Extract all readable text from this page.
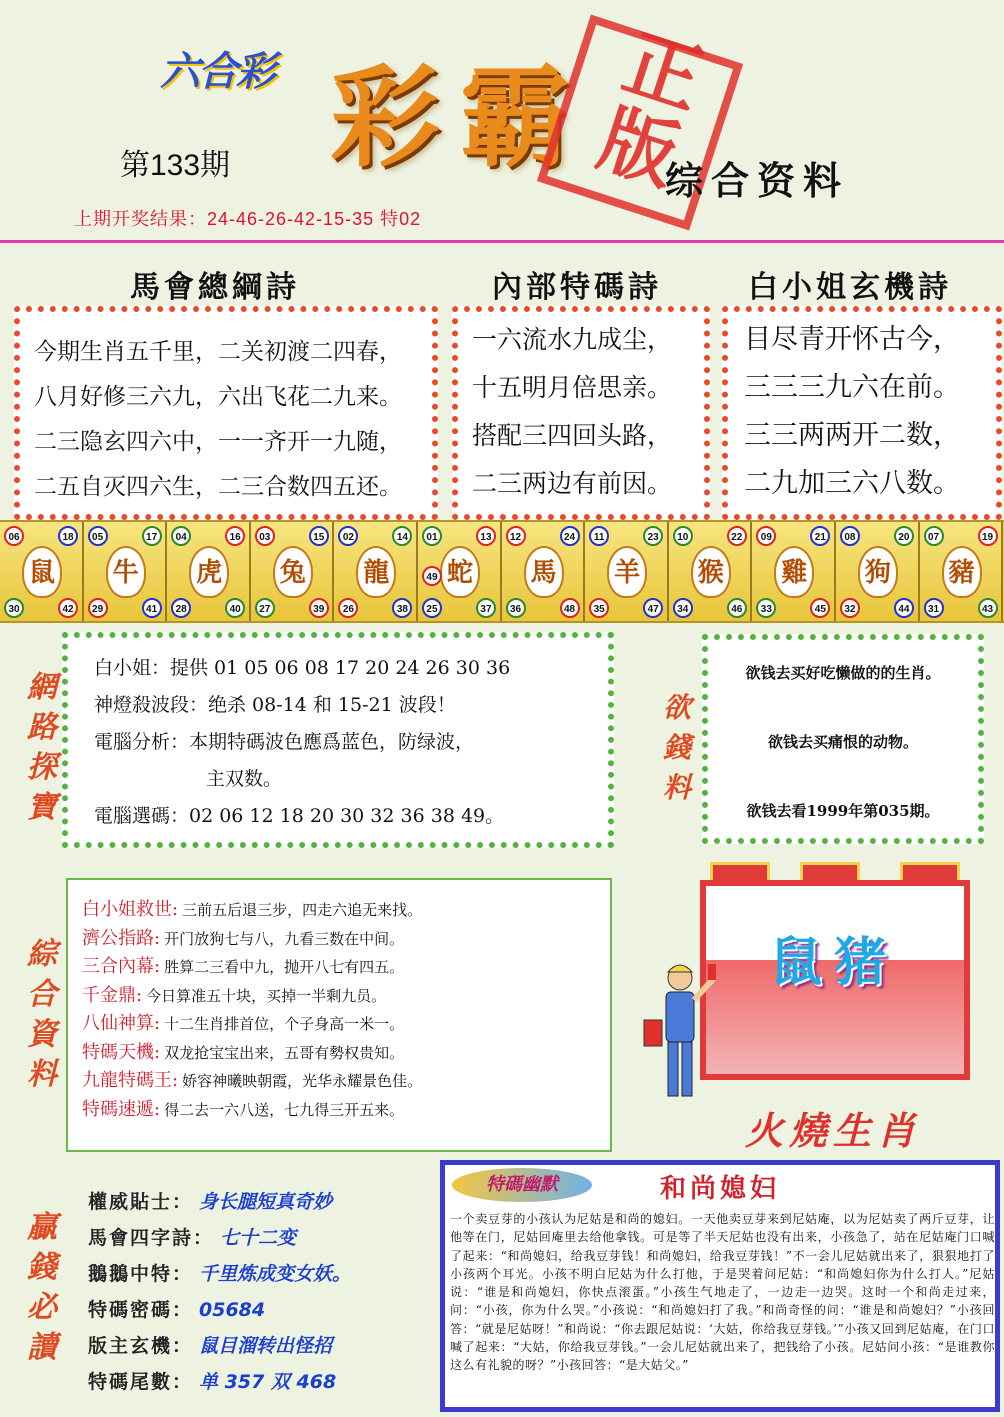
六合彩 彩霸 正版
第133期	综合资料
上期开奖结果：24-46-26-42-15-35 特02
馬會總綱詩	內部特碼詩	白小姐玄機詩
今期生肖五千里，二关初渡二四春，
八月好修三六九，六出飞花二九来。
二三隐玄四六中，一一齐开一九随，
二五自灭四六生，二三合数四五还。
一六流水九成尘，
十五明月倍思亲。
搭配三四回头路，
二三两边有前因。
目尽青开怀古今，
三三三九六在前。
三三两两开二数，
二九加三六八数。
鼠
06	18
30	42
牛
05	17
29	41
虎
04	16
28	40
兔
03	15
27	39
龍
02	14
26	38
蛇
01	13
25	37
49	馬
12	24
36	48
羊
11	23
35	47
猴
10	22
34	46
雞
09	21
33	45
狗
08	20
32	44
豬
07	19
31	43
網
路
探
寶
白小姐：提供 01 05 06 08 17 20 24 26 30 36
神燈殺波段：绝杀 08-14 和 15-21 波段！
電腦分析：本期特碼波色應爲蓝色，防绿波，
主双数。
電腦選碼：02 06 12 18 20 30 32 36 38 49。
欲
錢
料
欲钱去买好吃懒做的的生肖。
欲钱去买痛恨的动物。
欲钱去看1999年第035期。
綜
合
資
料
白小姐救世: 三前五后退三步，四走六追无来找。
濟公指路: 开门放狗七与八，九看三数在中间。
三合內幕: 胜算二三看中九，抛开八七有四五。
千金鼎: 今日算准五十块，买掉一半剩九员。
八仙神算: 十二生肖排首位，个子身高一米一。
特碼天機: 双龙抢宝宝出来，五哥有勢权贵知。
九龍特碼王: 娇容神曦映朝霞，光华永耀景色佳。
特碼速遞: 得二去一六八送，七九得三开五来。
鼠猪
火燒生肖
贏
錢
必
讀
權威貼士： 身长腿短真奇妙
馬會四字詩： 七十二变
鵝鵝中特： 千里炼成变女妖。
特碼密碼： 05684
版主玄機： 鼠目溜转出怪招
特碼尾數： 单 357 双 468
特碼幽默	和尚媳妇
一个卖豆芽的小孩认为尼姑是和尚的媳妇。一天他卖豆芽来到尼姑庵，以为尼姑卖了两斤豆芽，让他等在门，尼姑回庵里去给他拿钱。可是等了半天尼姑也没有出来，小孩急了，站在尼姑庵门口喊了起来：“和尚媳妇，给我豆芽钱！和尚媳妇，给我豆芽钱！”不一会儿尼姑就出来了，狠狠地打了小孩两个耳光。小孩不明白尼姑为什么打他，于是哭着问尼姑：“和尚媳妇你为什么打人。”尼姑说：“谁是和尚媳妇，你快点滚蛋。”小孩生气地走了，一边走一边哭。这时一个和尚走过来，问：“小孩，你为什么哭。”小孩说：“和尚媳妇打了我。”和尚奇怪的问：“谁是和尚媳妇？”小孩回答：“就是尼姑呀！”和尚说：“你去跟尼姑说：‘大姑，你给我豆芽钱。’”小孩又回到尼姑庵，在门口喊了起来：“大姑，你给我豆芽钱。”一会儿尼姑就出来了，把钱给了小孩。尼姑问小孩：“是谁教你这么有礼貌的呀？”小孩回答：“是大姑父。”
